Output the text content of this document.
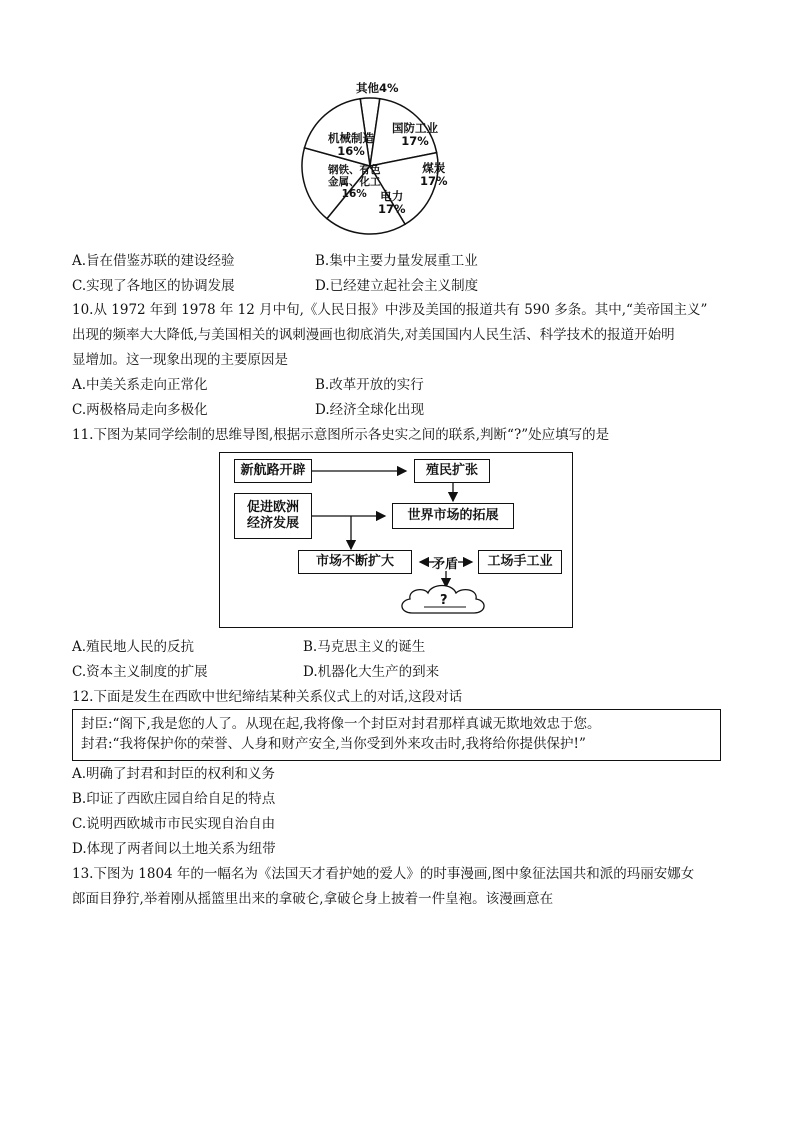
其他4%
国防工业
17%
煤炭
17%
电力
17%
钢铁、有色
金属、化工
16%
机械制造
16%
A.旨在借鉴苏联的建设经验	B.集中主要力量发展重工业
C.实现了各地区的协调发展	D.已经建立起社会主义制度
10.从 1972 年到 1978 年 12 月中旬,《人民日报》中涉及美国的报道共有 590 多条。其中,“美帝国主义”
出现的频率大大降低,与美国相关的讽刺漫画也彻底消失,对美国国内人民生活、科学技术的报道开始明
显增加。这一现象出现的主要原因是
A.中美关系走向正常化	B.改革开放的实行
C.两极格局走向多极化	D.经济全球化出现
11.下图为某同学绘制的思维导图,根据示意图所示各史实之间的联系,判断“?”处应填写的是
新航路开辟	殖民扩张
促进欧洲
经济发展
世界市场的拓展
市场不断扩大	矛盾	工场手工业
?
A.殖民地人民的反抗	B.马克思主义的诞生
C.资本主义制度的扩展	D.机器化大生产的到来
12.下面是发生在西欧中世纪缔结某种关系仪式上的对话,这段对话
封臣:“阁下,我是您的人了。从现在起,我将像一个封臣对封君那样真诚无欺地效忠于您。
封君:“我将保护你的荣誉、人身和财产安全,当你受到外来攻击时,我将给你提供保护!”
A.明确了封君和封臣的权利和义务
B.印证了西欧庄园自给自足的特点
C.说明西欧城市市民实现自治自由
D.体现了两者间以土地关系为纽带
13.下图为 1804 年的一幅名为《法国天才看护她的爱人》的时事漫画,图中象征法国共和派的玛丽安娜女
郎面目狰狞,举着刚从摇篮里出来的拿破仑,拿破仑身上披着一件皇袍。该漫画意在
